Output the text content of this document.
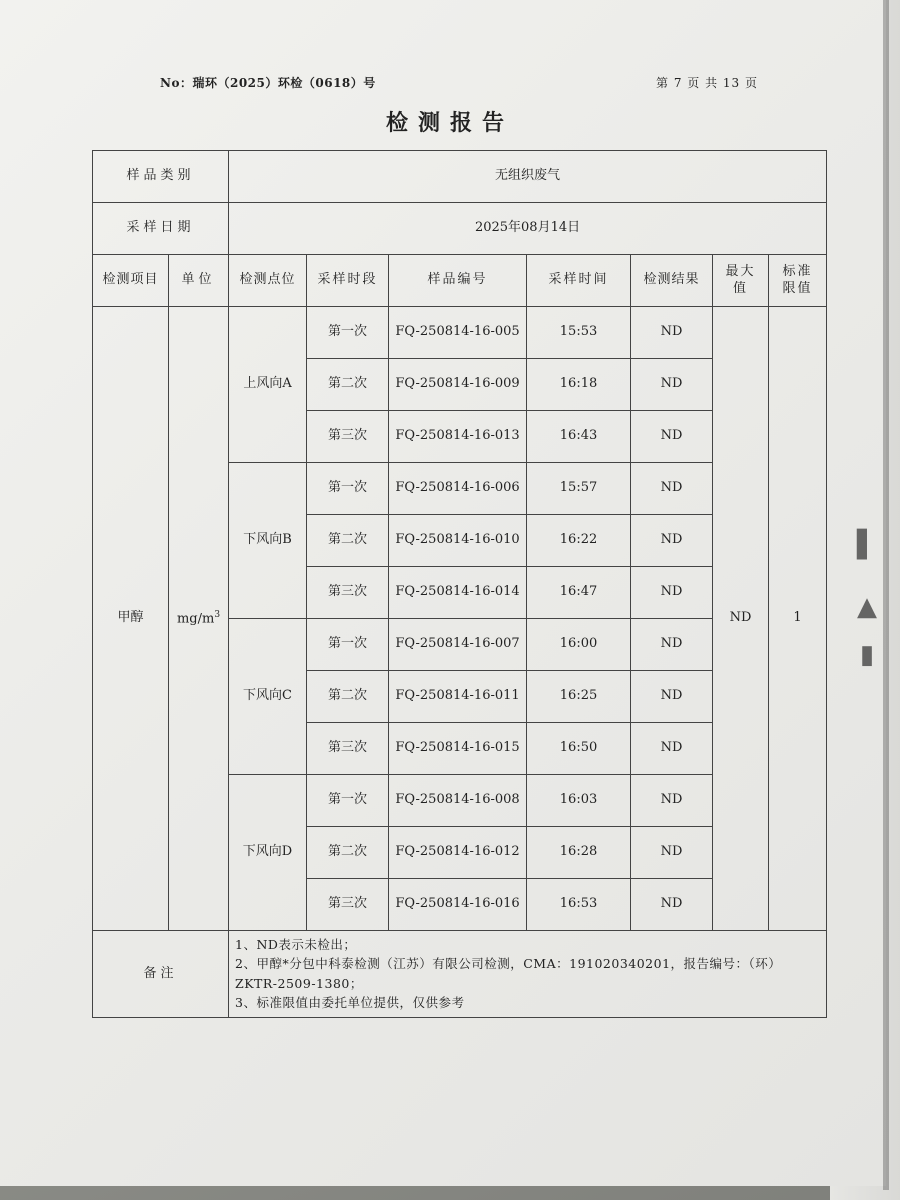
No：瑞环（2025）环检（0618）号	第 7 页 共 13 页
检测报告
样品类别		无组织废气						
采样日期		2025年08月14日						
检测项目	单位	检测点位	采样时段	样品编号	采样时间	检测结果	最大值	标准限值
甲醇	$mg/m^3$	上风向A	第一次	FQ-250814-16-005	15:53	ND	ND	1
			第二次	FQ-250814-16-009	16:18	ND		
			第三次	FQ-250814-16-013	16:43	ND		
		下风向B	第一次	FQ-250814-16-006	15:57	ND		
			第二次	FQ-250814-16-010	16:22	ND		
			第三次	FQ-250814-16-014	16:47	ND		
		下风向C	第一次	FQ-250814-16-007	16:00	ND		
			第二次	FQ-250814-16-011	16:25	ND		
			第三次	FQ-250814-16-015	16:50	ND		
		下风向D	第一次	FQ-250814-16-008	16:03	ND		
			第二次	FQ-250814-16-012	16:28	ND		
			第三次	FQ-250814-16-016	16:53	ND		
备注		1、ND表示未检出；
2、甲醇*分包中科泰检测（江苏）有限公司检测，CMA：191020340201，报告编号：（环）ZKTR-2509-1380；
3、标准限值由委托单位提供，仅供参考						
▌
▲
▮
